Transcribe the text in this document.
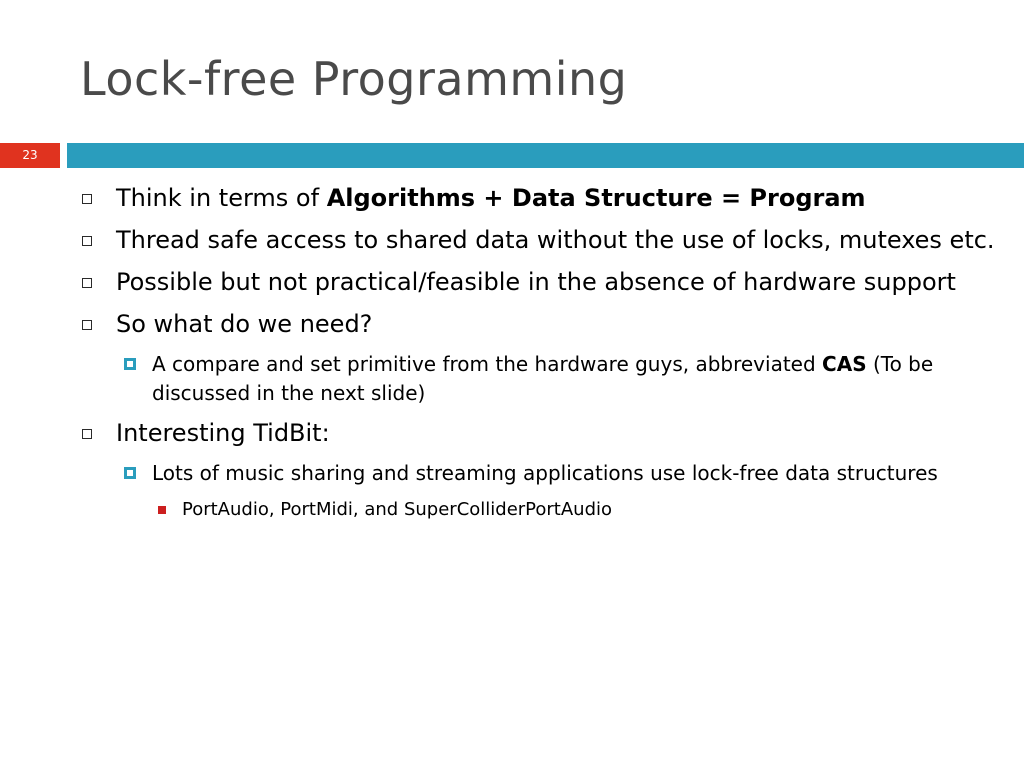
Lock-free Programming
23
Think in terms of Algorithms + Data Structure = Program
Thread safe access to shared data without the use of locks, mutexes etc.
Possible but not practical/feasible in the absence of hardware support
So what do we need?
A compare and set primitive from the hardware guys, abbreviated CAS (To be discussed in the next slide)
Interesting TidBit:
Lots of music sharing and streaming applications use lock-free data structures
PortAudio, PortMidi, and SuperColliderPortAudio
